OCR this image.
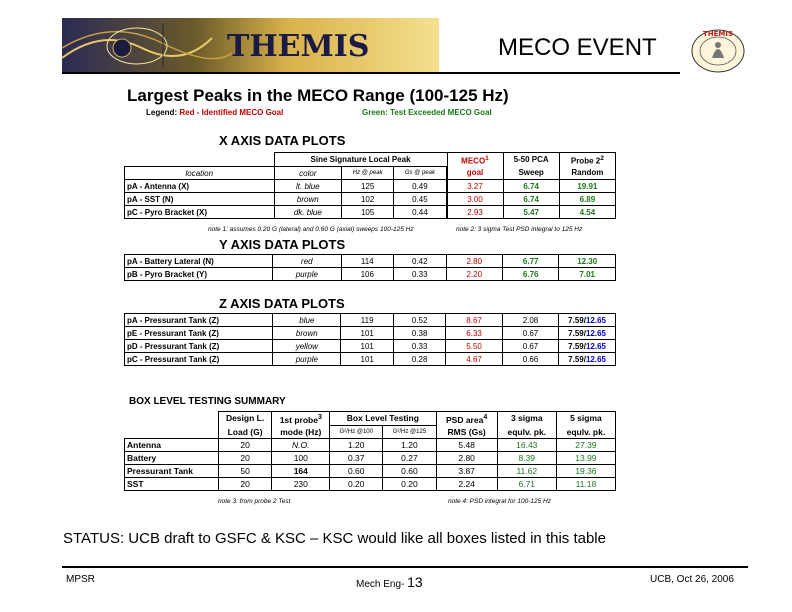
THEMIS	MECO EVENT	THEMIS
Largest Peaks in the MECO Range (100-125 Hz)
Legend: Red - Identified MECO Goal	Green: Test Exceeded MECO Goal
X AXIS DATA PLOTS
	Sine Signature Local Peak			MECO$^1$	5-50 PCA	Probe $2^2$
location	color	Hz @ peak	Gs @ peak		goal	Sweep	Random
pA - Antenna (X)	lt. blue	125	0.49		3.27	6.74	19.91
pA - SST (N)	brown	102	0.45		3.00	6.74	6.89
pC - Pyro Bracket (X)	dk. blue	105	0.44		2.93	5.47	4.54
note 1: assumes 0.20 G (lateral) and 0.60 G (axial) sweeps 100-125 Hz	note 2: 3 sigma Test PSD integral to 125 Hz
Y AXIS DATA PLOTS
pA - Battery Lateral (N)	red	114	0.42	2.80	6.77	12.30
pB - Pyro Bracket (Y)	purple	106	0.33	2.20	6.76	7.01
Z AXIS DATA PLOTS
pA - Pressurant Tank (Z)	blue	119	0.52	8.67	2.08	7.59/12.65
pE - Pressurant Tank (Z)	brown	101	0.38	6.33	0.67	7.59/12.65
pD - Pressurant Tank (Z)	yellow	101	0.33	5.50	0.67	7.59/12.65
pC - Pressurant Tank (Z)	purple	101	0.28	4.67	0.66	7.59/12.65
BOX LEVEL TESTING SUMMARY
	Design L.	1st probe$^3$	Box Level Testing		PSD area$^4$	3 sigma	5 sigma
	Load (G)	mode (Hz)	G²/Hz @100	G²/Hz @125	RMS (Gs)	equlv. pk.	equlv. pk.
Antenna	20	N.O.	1.20	1.20	5.48	16.43	27.39
Battery	20	100	0.37	0.27	2.80	8.39	13.99
Pressurant Tank	50	164	0.60	0.60	3.87	11.62	19.36
SST	20	230	0.20	0.20	2.24	6.71	11.18
note 3: from probe 2 Test	note 4: PSD integral for 100-125 Hz
STATUS: UCB draft to GSFC & KSC – KSC would like all boxes listed in this table
MPSR	Mech Eng- 13	UCB, Oct 26, 2006
